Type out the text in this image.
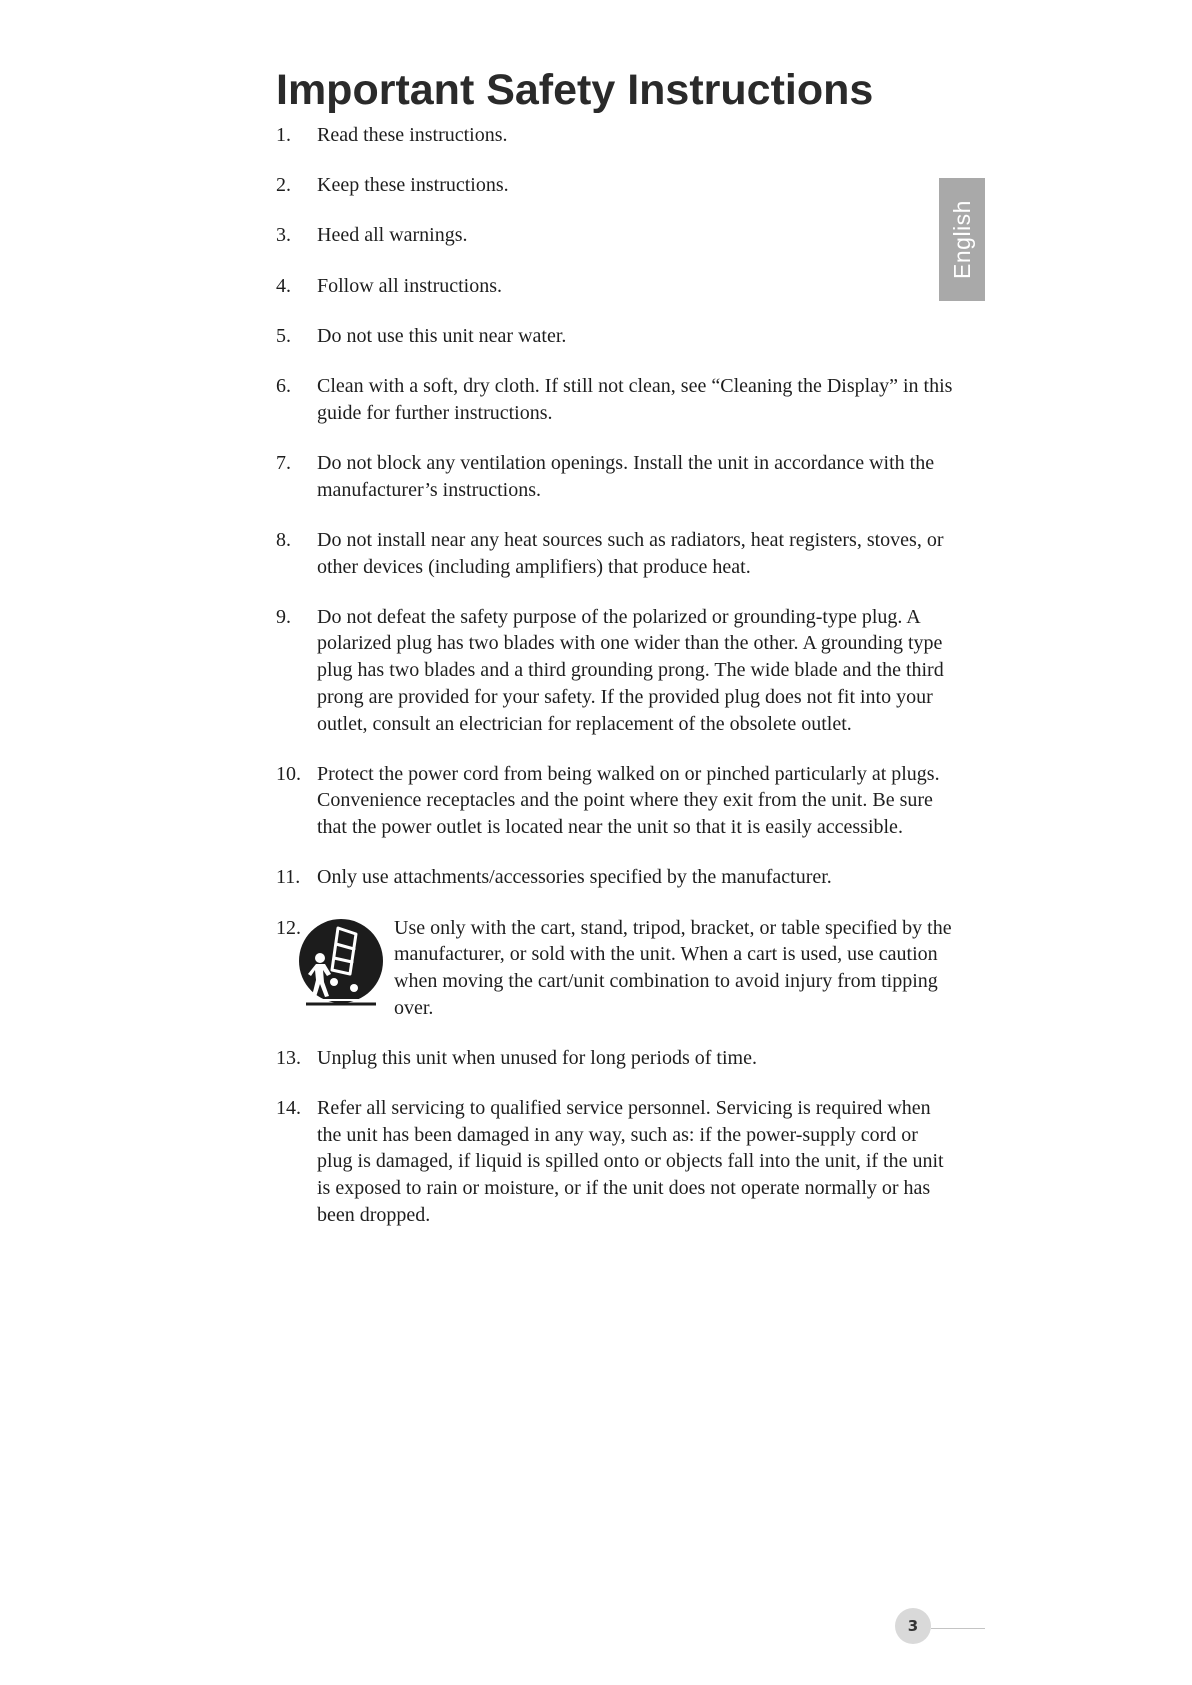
Important Safety Instructions
English
1. Read these instructions.
2. Keep these instructions.
3. Heed all warnings.
4. Follow all instructions.
5. Do not use this unit near water.
6. Clean with a soft, dry cloth. If still not clean, see “Cleaning the Display” in this guide for further instructions.
7. Do not block any ventilation openings. Install the unit in accordance with the manufacturer’s instructions.
8. Do not install near any heat sources such as radiators, heat registers, stoves, or other devices (including amplifiers) that produce heat.
9. Do not defeat the safety purpose of the polarized or grounding-type plug. A polarized plug has two blades with one wider than the other. A grounding type plug has two blades and a third grounding prong. The wide blade and the third prong are provided for your safety. If the provided plug does not fit into your outlet, consult an electrician for replacement of the obsolete outlet.
10. Protect the power cord from being walked on or pinched particularly at plugs. Convenience receptacles and the point where they exit from the unit. Be sure that the power outlet is located near the unit so that it is easily accessible.
11. Only use attachments/accessories specified by the manufacturer.
12.	Use only with the cart, stand, tripod, bracket, or table specified by the manufacturer, or sold with the unit. When a cart is used, use caution when moving the cart/unit combination to avoid injury from tipping over.
13. Unplug this unit when unused for long periods of time.
14. Refer all servicing to qualified service personnel. Servicing is required when the unit has been damaged in any way, such as: if the power-supply cord or plug is damaged, if liquid is spilled onto or objects fall into the unit, if the unit is exposed to rain or moisture, or if the unit does not operate normally or has been dropped.
3
